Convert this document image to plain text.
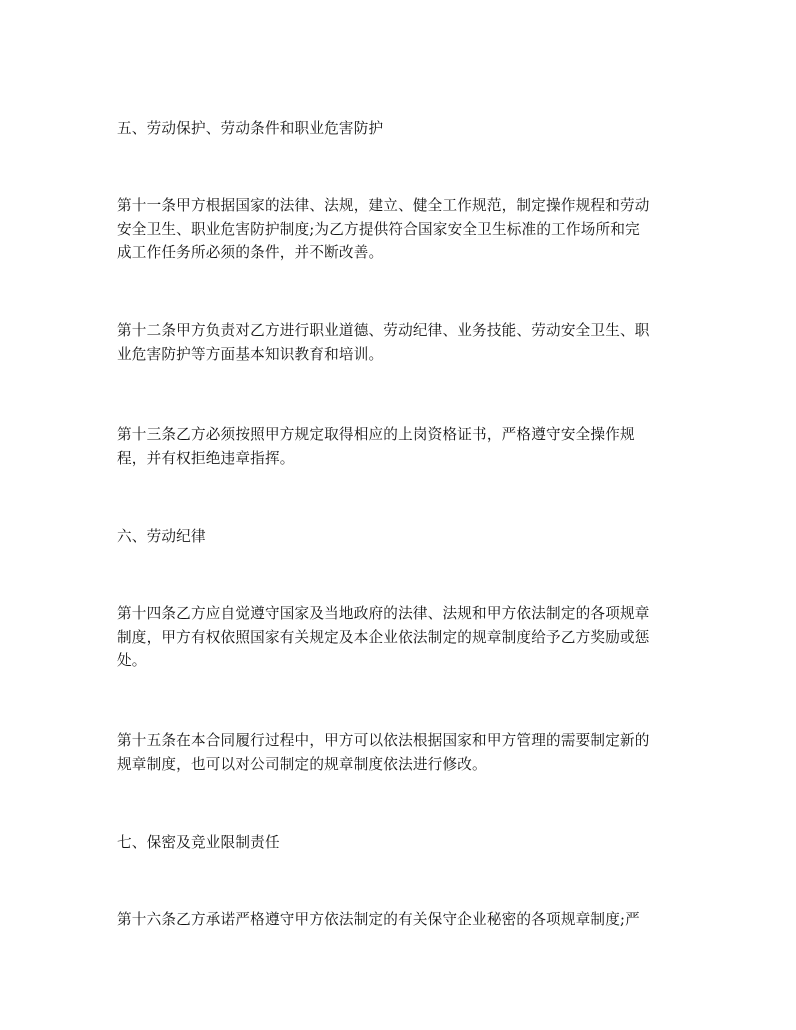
五、劳动保护、劳动条件和职业危害防护
第十一条甲方根据国家的法律、法规，建立、健全工作规范，制定操作规程和劳动
安全卫生、职业危害防护制度;为乙方提供符合国家安全卫生标准的工作场所和完
成工作任务所必须的条件，并不断改善。
第十二条甲方负责对乙方进行职业道德、劳动纪律、业务技能、劳动安全卫生、职
业危害防护等方面基本知识教育和培训。
第十三条乙方必须按照甲方规定取得相应的上岗资格证书，严格遵守安全操作规
程，并有权拒绝违章指挥。
六、劳动纪律
第十四条乙方应自觉遵守国家及当地政府的法律、法规和甲方依法制定的各项规章
制度，甲方有权依照国家有关规定及本企业依法制定的规章制度给予乙方奖励或惩
处。
第十五条在本合同履行过程中，甲方可以依法根据国家和甲方管理的需要制定新的
规章制度，也可以对公司制定的规章制度依法进行修改。
七、保密及竞业限制责任
第十六条乙方承诺严格遵守甲方依法制定的有关保守企业秘密的各项规章制度;严
